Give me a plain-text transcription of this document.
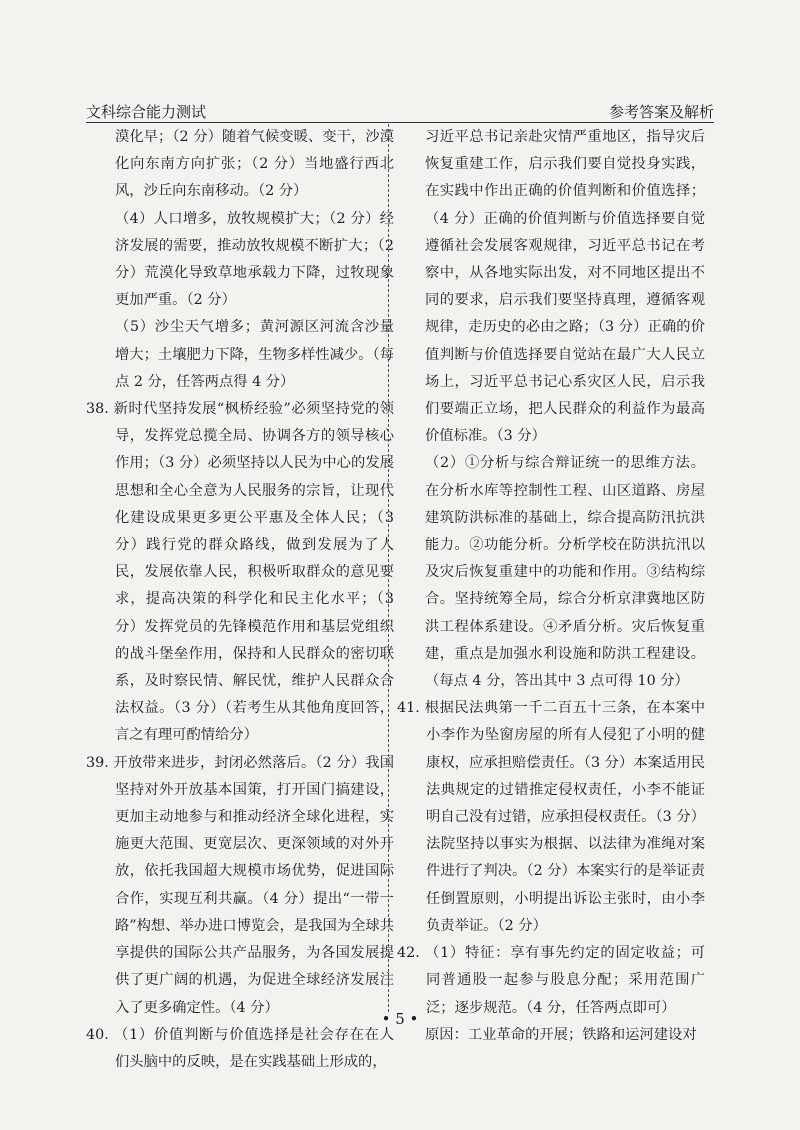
文科综合能力测试	参考答案及解析

漠化早；（2 分）随着气候变暖、变干，沙漠化向东南方向扩张；（2 分）当地盛行西北风，沙丘向东南移动。（2 分）

（4）人口增多，放牧规模扩大；（2 分）经济发展的需要，推动放牧规模不断扩大；（2 分）荒漠化导致草地承载力下降，过牧现象更加严重。（2 分）

（5）沙尘天气增多；黄河源区河流含沙量增大；土壤肥力下降，生物多样性减少。（每点 2 分，任答两点得 4 分）

38. 新时代坚持发展“枫桥经验”必须坚持党的领导，发挥党总揽全局、协调各方的领导核心作用；（3 分）必须坚持以人民为中心的发展思想和全心全意为人民服务的宗旨，让现代化建设成果更多更公平惠及全体人民；（3 分）践行党的群众路线，做到发展为了人民，发展依靠人民，积极听取群众的意见要求，提高决策的科学化和民主化水平；（3 分）发挥党员的先锋模范作用和基层党组织的战斗堡垒作用，保持和人民群众的密切联系，及时察民情、解民忧，维护人民群众合法权益。（3 分）（若考生从其他角度回答，言之有理可酌情给分）

39. 开放带来进步，封闭必然落后。（2 分）我国坚持对外开放基本国策，打开国门搞建设，更加主动地参与和推动经济全球化进程，实施更大范围、更宽层次、更深领域的对外开放，依托我国超大规模市场优势，促进国际合作，实现互利共赢。（4 分）提出“一带一路”构想、举办进口博览会，是我国为全球共享提供的国际公共产品服务，为各国发展提供了更广阔的机遇，为促进全球经济发展注入了更多确定性。（4 分）

40. （1）价值判断与价值选择是社会存在在人们头脑中的反映，是在实践基础上形成的，

习近平总书记亲赴灾情严重地区，指导灾后恢复重建工作，启示我们要自觉投身实践，在实践中作出正确的价值判断和价值选择；（4 分）正确的价值判断与价值选择要自觉遵循社会发展客观规律，习近平总书记在考察中，从各地实际出发，对不同地区提出不同的要求，启示我们要坚持真理，遵循客观规律，走历史的必由之路；（3 分）正确的价值判断与价值选择要自觉站在最广大人民立场上，习近平总书记心系灾区人民，启示我们要端正立场，把人民群众的利益作为最高价值标准。（3 分）

（2）①分析与综合辩证统一的思维方法。在分析水库等控制性工程、山区道路、房屋建筑防洪标准的基础上，综合提高防汛抗洪能力。②功能分析。分析学校在防洪抗汛以及灾后恢复重建中的功能和作用。③结构综合。坚持统筹全局，综合分析京津冀地区防洪工程体系建设。④矛盾分析。灾后恢复重建，重点是加强水利设施和防洪工程建设。（每点 4 分，答出其中 3 点可得 10 分）

41. 根据民法典第一千二百五十三条，在本案中小李作为坠窗房屋的所有人侵犯了小明的健康权，应承担赔偿责任。（3 分）本案适用民法典规定的过错推定侵权责任，小李不能证明自己没有过错，应承担侵权责任。（3 分）法院坚持以事实为根据、以法律为准绳对案件进行了判决。（2 分）本案实行的是举证责任倒置原则，小明提出诉讼主张时，由小李负责举证。（2 分）

42. （1）特征：享有事先约定的固定收益；可同普通股一起参与股息分配；采用范围广泛；逐步规范。（4 分，任答两点即可）

原因：工业革命的开展；铁路和运河建设对

• 5 •
